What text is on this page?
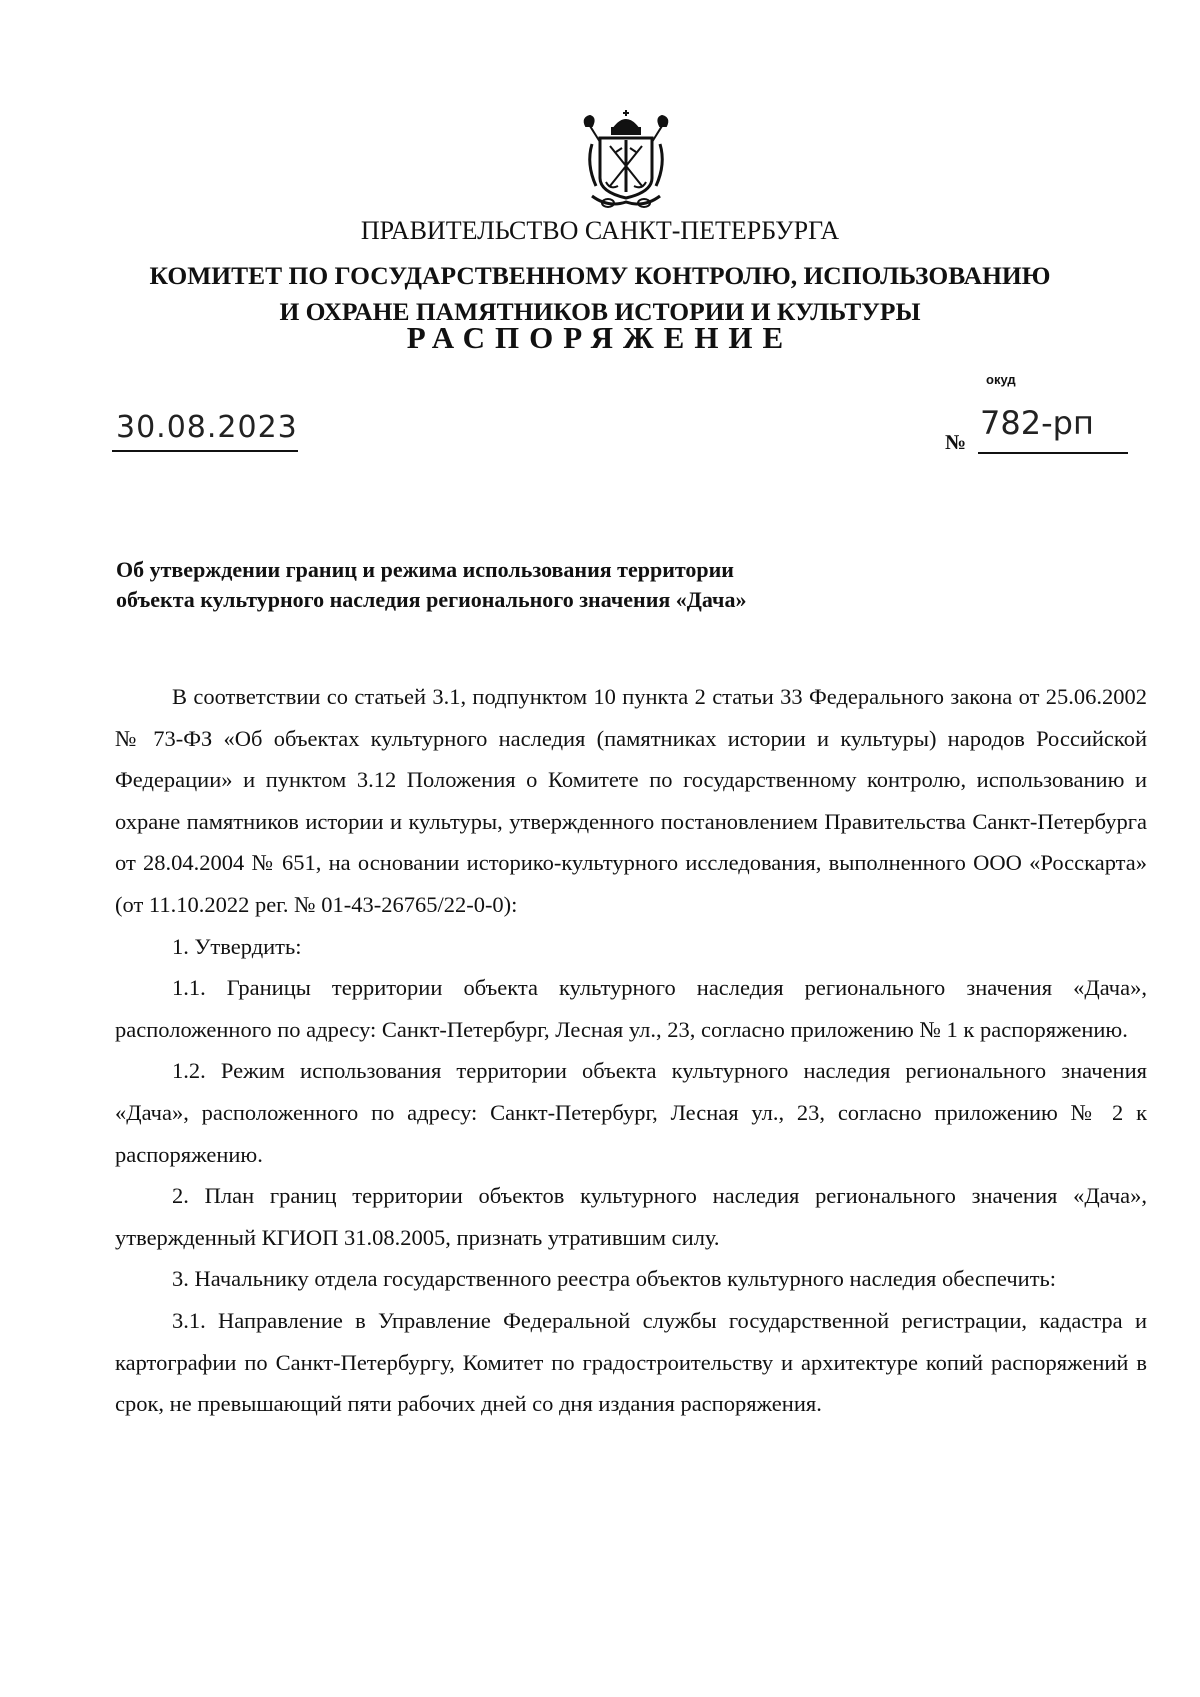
ПРАВИТЕЛЬСТВО САНКТ-ПЕТЕРБУРГА
КОМИТЕТ ПО ГОСУДАРСТВЕННОМУ КОНТРОЛЮ, ИСПОЛЬЗОВАНИЮ
И ОХРАНЕ ПАМЯТНИКОВ ИСТОРИИ И КУЛЬТУРЫ
РАСПОРЯЖЕНИЕ
окуд
30.08.2023	№ 782-рп
Об утверждении границ и режима использования территории
объекта культурного наследия регионального значения «Дача»

В соответствии со статьей 3.1, подпунктом 10 пункта 2 статьи 33 Федерального закона от 25.06.2002 № 73-ФЗ «Об объектах культурного наследия (памятниках истории и культуры) народов Российской Федерации» и пунктом 3.12 Положения о Комитете по государственному контролю, использованию и охране памятников истории и культуры, утвержденного постановлением Правительства Санкт-Петербурга от 28.04.2004 № 651, на основании историко-культурного исследования, выполненного ООО «Росскарта» (от 11.10.2022 рег. № 01-43-26765/22-0-0):

1. Утвердить:

1.1. Границы территории объекта культурного наследия регионального значения «Дача», расположенного по адресу: Санкт-Петербург, Лесная ул., 23, согласно приложению № 1 к распоряжению.

1.2. Режим использования территории объекта культурного наследия регионального значения «Дача», расположенного по адресу: Санкт-Петербург, Лесная ул., 23, согласно приложению № 2 к распоряжению.

2. План границ территории объектов культурного наследия регионального значения «Дача», утвержденный КГИОП 31.08.2005, признать утратившим силу.

3. Начальнику отдела государственного реестра объектов культурного наследия обеспечить:

3.1. Направление в Управление Федеральной службы государственной регистрации, кадастра и картографии по Санкт-Петербургу, Комитет по градостроительству и архитектуре копий распоряжений в срок, не превышающий пяти рабочих дней со дня издания распоряжения.
